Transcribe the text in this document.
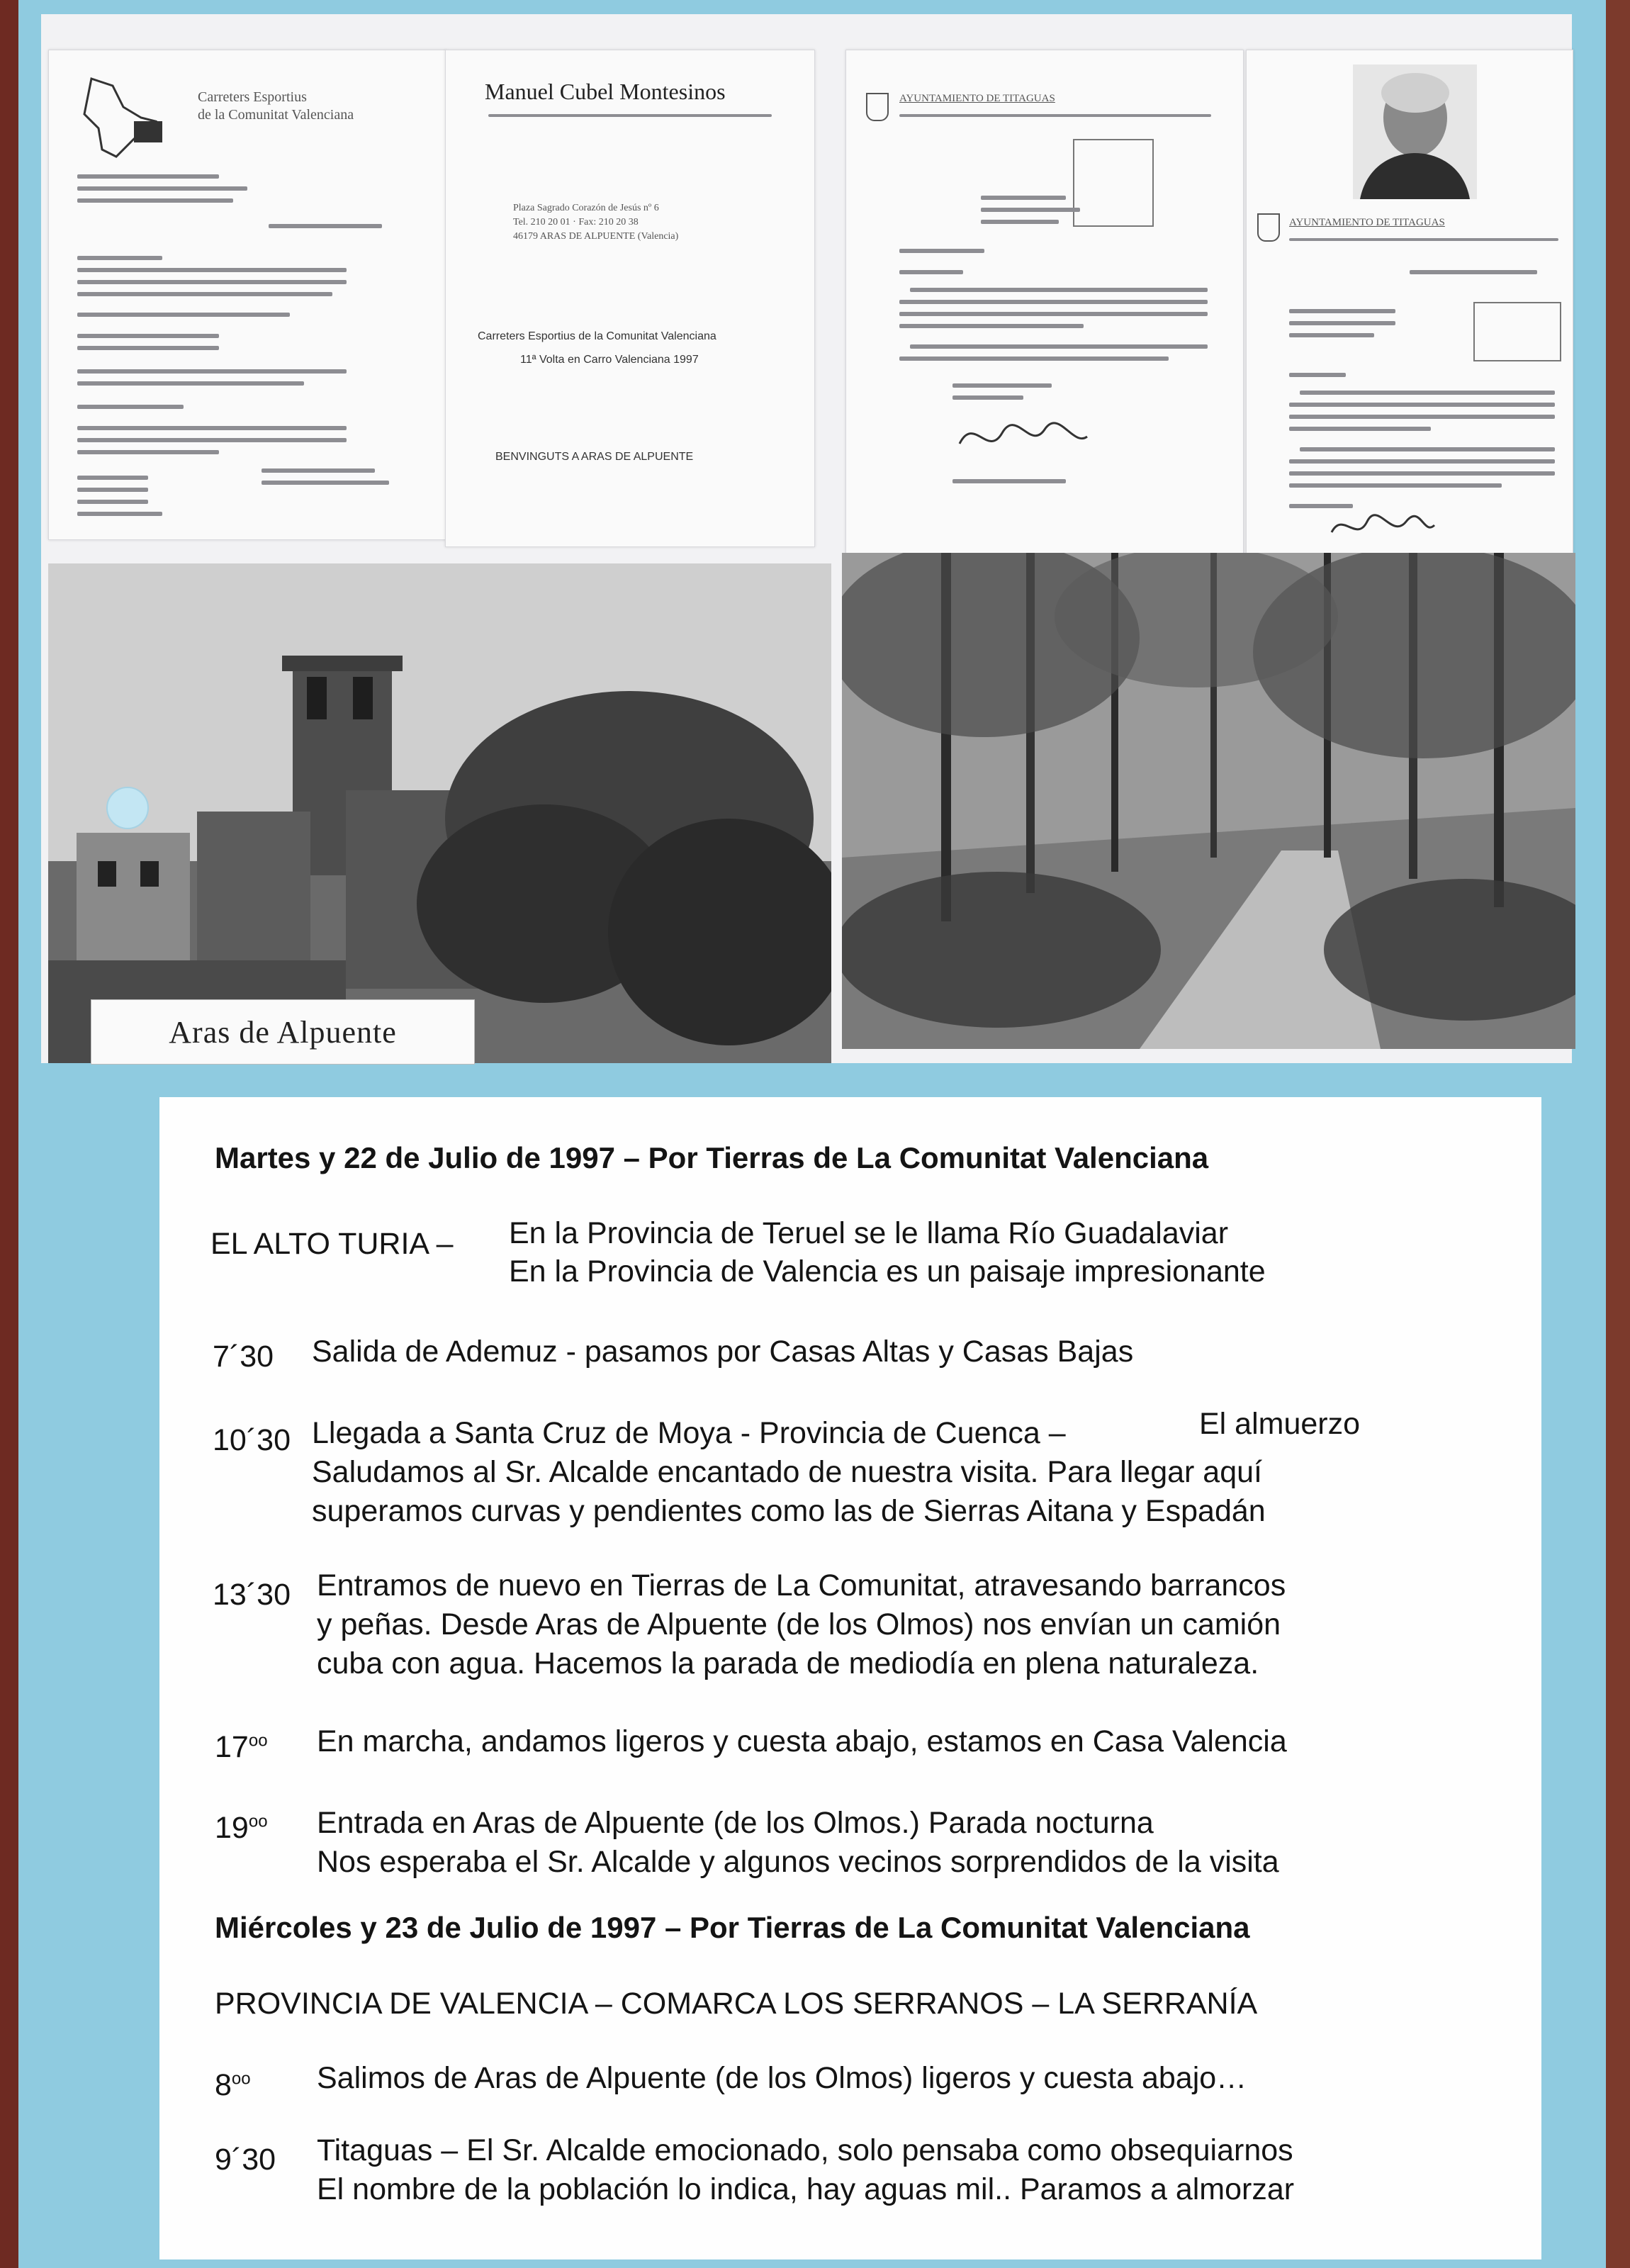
Carreters Esportius
de la Comunitat Valenciana
Manuel Cubel Montesinos
Plaza Sagrado Corazón de Jesús nº 6
Tel. 210 20 01 · Fax: 210 20 38
46179 ARAS DE ALPUENTE (Valencia)
Carreters Esportius de la Comunitat Valenciana
11ª Volta en Carro Valenciana 1997
BENVINGUTS A ARAS DE ALPUENTE
AYUNTAMIENTO DE TITAGUAS
AYUNTAMIENTO DE TITAGUAS
Aras de Alpuente
Martes y 22 de Julio de 1997 – Por Tierras de La Comunitat Valenciana
EL ALTO TURIA – En la Provincia de Teruel se le llama Río Guadalaviar
En la Provincia de Valencia es un paisaje impresionante
7´30 Salida de Ademuz - pasamos por Casas Altas y Casas Bajas
10´30 Llegada a Santa Cruz de Moya - Provincia de Cuenca –	El almuerzo
Saludamos al Sr. Alcalde encantado de nuestra visita. Para llegar aquí
superamos curvas y pendientes como las de Sierras Aitana y Espadán
13´30 Entramos de nuevo en Tierras de La Comunitat, atravesando barrancos
y peñas. Desde Aras de Alpuente (de los Olmos) nos envían un camión
cuba con agua. Hacemos la parada de mediodía en plena naturaleza.
$17^{oo}$ En marcha, andamos ligeros y cuesta abajo, estamos en Casa Valencia
$19^{oo}$ Entrada en Aras de Alpuente (de los Olmos.) Parada nocturna
Nos esperaba el Sr. Alcalde y algunos vecinos sorprendidos de la visita
Miércoles y 23 de Julio de 1997 – Por Tierras de La Comunitat Valenciana
PROVINCIA DE VALENCIA – COMARCA LOS SERRANOS – LA SERRANÍA
$8^{oo}$ Salimos de Aras de Alpuente (de los Olmos) ligeros y cuesta abajo…
9´30 Titaguas – El Sr. Alcalde emocionado, solo pensaba como obsequiarnos
El nombre de la población lo indica, hay aguas mil.. Paramos a almorzar
